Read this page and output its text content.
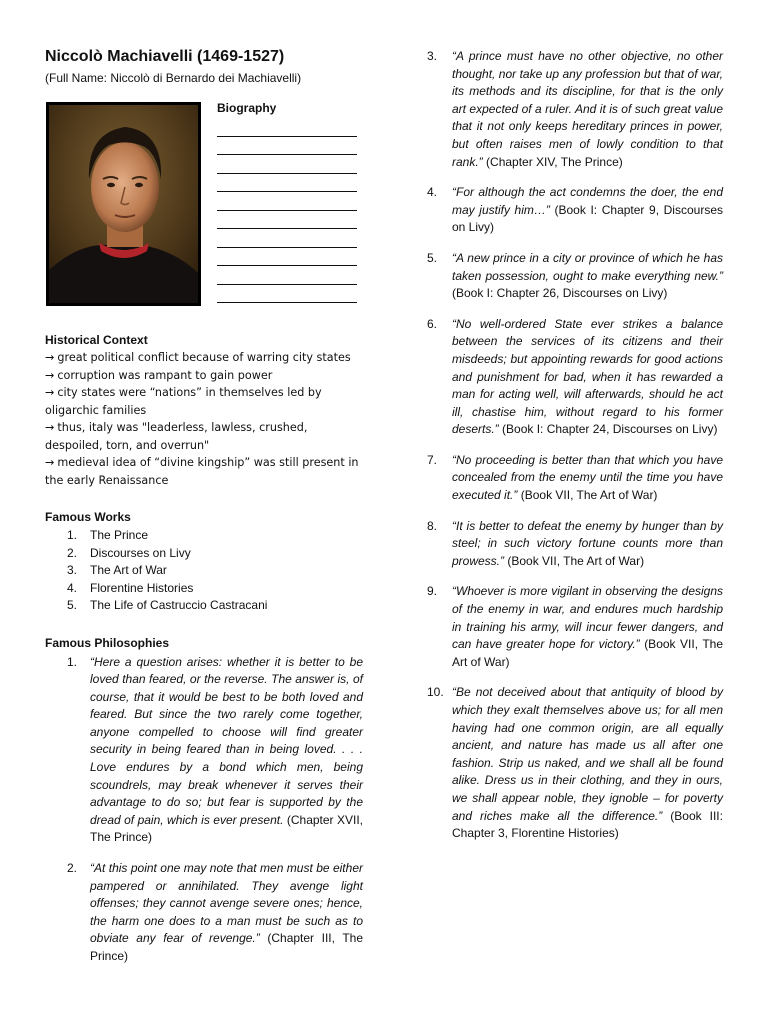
Niccolò Machiavelli (1469-1527)

(Full Name: Niccolò di Bernardo dei Machiavelli)

Biography

Historical Context

→ great political conflict because of warring city states

→ corruption was rampant to gain power

→ city states were “nations” in themselves led by oligarchic families

→ thus, italy was "leaderless, lawless, crushed, despoiled, torn, and overrun"

→ medieval idea of “divine kingship” was still present in the early Renaissance

Famous Works

1. The Prince
2. Discourses on Livy
3. The Art of War
4. Florentine Histories
5. The Life of Castruccio Castracani

Famous Philosophies

1. “Here a question arises: whether it is better to be loved than feared, or the reverse. The answer is, of course, that it would be best to be both loved and feared. But since the two rarely come together, anyone compelled to choose will find greater security in being feared than in being loved. . . . Love endures by a bond which men, being scoundrels, may break whenever it serves their advantage to do so; but fear is supported by the dread of pain, which is ever present. (Chapter XVII, The Prince)
2. “At this point one may note that men must be either pampered or annihilated. They avenge light offenses; they cannot avenge severe ones; hence, the harm one does to a man must be such as to obviate any fear of revenge.” (Chapter III, The Prince)
3. “A prince must have no other objective, no other thought, nor take up any profession but that of war, its methods and its discipline, for that is the only art expected of a ruler. And it is of such great value that it not only keeps hereditary princes in power, but often raises men of lowly condition to that rank.” (Chapter XIV, The Prince)
4. “For although the act condemns the doer, the end may justify him…” (Book I: Chapter 9, Discourses on Livy)
5. “A new prince in a city or province of which he has taken possession, ought to make everything new.” (Book I: Chapter 26, Discourses on Livy)
6. “No well-ordered State ever strikes a balance between the services of its citizens and their misdeeds; but appointing rewards for good actions and punishment for bad, when it has rewarded a man for acting well, will afterwards, should he act ill, chastise him, without regard to his former deserts.” (Book I: Chapter 24, Discourses on Livy)
7. “No proceeding is better than that which you have concealed from the enemy until the time you have executed it.” (Book VII, The Art of War)
8. “It is better to defeat the enemy by hunger than by steel; in such victory fortune counts more than prowess.” (Book VII, The Art of War)
9. “Whoever is more vigilant in observing the designs of the enemy in war, and endures much hardship in training his army, will incur fewer dangers, and can have greater hope for victory.” (Book VII, The Art of War)
10. “Be not deceived about that antiquity of blood by which they exalt themselves above us; for all men having had one common origin, are all equally ancient, and nature has made us all after one fashion. Strip us naked, and we shall all be found alike. Dress us in their clothing, and they in ours, we shall appear noble, they ignoble – for poverty and riches make all the difference.” (Book III: Chapter 3, Florentine Histories)
